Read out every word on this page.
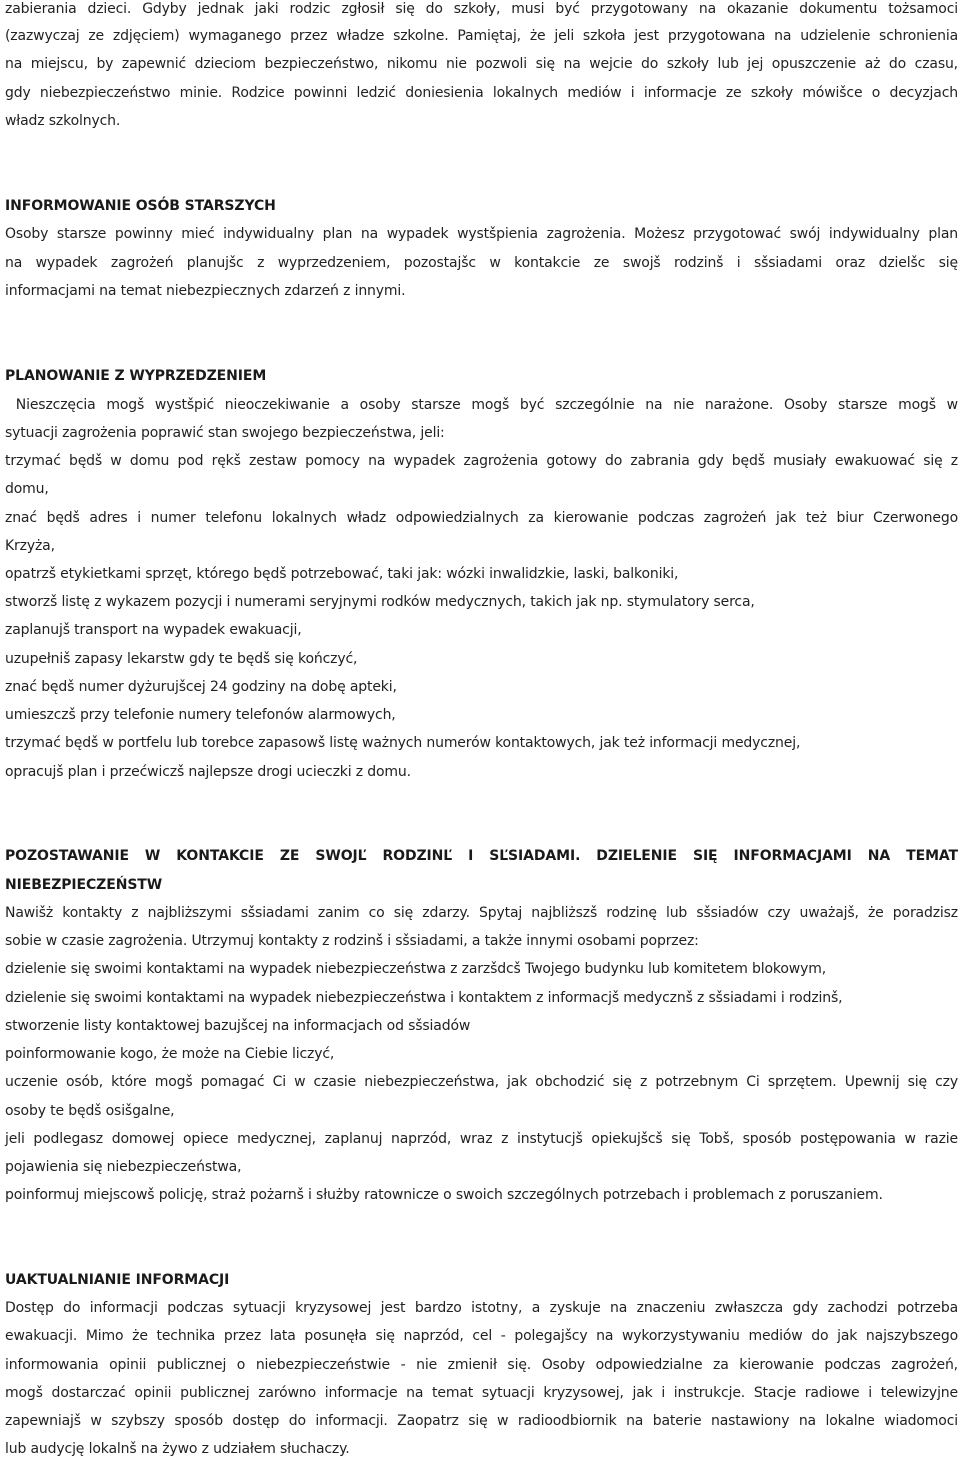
zabierania dzieci. Gdyby jednak jaki rodzic zgłosił się do szkoły, musi być przygotowany na okazanie dokumentu tożsamoci

(zazwyczaj ze zdjęciem) wymaganego przez władze szkolne. Pamiętaj, że jeli szkoła jest przygotowana na udzielenie schronienia

na miejscu, by zapewnić dzieciom bezpieczeństwo, nikomu nie pozwoli się na wejcie do szkoły lub jej opuszczenie aż do czasu,

gdy niebezpieczeństwo minie. Rodzice powinni ledzić doniesienia lokalnych mediów i informacje ze szkoły mówišce o decyzjach

władz szkolnych.

INFORMOWANIE OSÓB STARSZYCH

Osoby starsze powinny mieć indywidualny plan na wypadek wystšpienia zagrożenia. Możesz przygotować swój indywidualny plan

na wypadek zagrożeń planujšc z wyprzedzeniem, pozostajšc w kontakcie ze swojš rodzinš i sšsiadami oraz dzielšc się

informacjami na temat niebezpiecznych zdarzeń z innymi.

PLANOWANIE Z WYPRZEDZENIEM

Nieszczęcia mogš wystšpić nieoczekiwanie a osoby starsze mogš być szczególnie na nie narażone. Osoby starsze mogš w

sytuacji zagrożenia poprawić stan swojego bezpieczeństwa, jeli:

trzymać będš w domu pod rękš zestaw pomocy na wypadek zagrożenia gotowy do zabrania gdy będš musiały ewakuować się z

domu,

znać będš adres i numer telefonu lokalnych władz odpowiedzialnych za kierowanie podczas zagrożeń jak też biur Czerwonego

Krzyża,

opatrzš etykietkami sprzęt, którego będš potrzebować, taki jak: wózki inwalidzkie, laski, balkoniki,

stworzš listę z wykazem pozycji i numerami seryjnymi rodków medycznych, takich jak np. stymulatory serca,

zaplanujš transport na wypadek ewakuacji,

uzupełniš zapasy lekarstw gdy te będš się kończyć,

znać będš numer dyżurujšcej 24 godziny na dobę apteki,

umieszczš przy telefonie numery telefonów alarmowych,

trzymać będš w portfelu lub torebce zapasowš listę ważnych numerów kontaktowych, jak też informacji medycznej,

opracujš plan i przećwiczš najlepsze drogi ucieczki z domu.

POZOSTAWANIE W KONTAKCIE ZE SWOJĽ RODZINĽ I SĽSIADAMI. DZIELENIE SIĘ INFORMACJAMI NA TEMAT

NIEBEZPIECZEŃSTW

Nawišż kontakty z najbliższymi sšsiadami zanim co się zdarzy. Spytaj najbliższš rodzinę lub sšsiadów czy uważajš, że poradzisz

sobie w czasie zagrożenia. Utrzymuj kontakty z rodzinš i sšsiadami, a także innymi osobami poprzez:

dzielenie się swoimi kontaktami na wypadek niebezpieczeństwa z zarzšdcš Twojego budynku lub komitetem blokowym,

dzielenie się swoimi kontaktami na wypadek niebezpieczeństwa i kontaktem z informacjš medycznš z sšsiadami i rodzinš,

stworzenie listy kontaktowej bazujšcej na informacjach od sšsiadów

poinformowanie kogo, że może na Ciebie liczyć,

uczenie osób, które mogš pomagać Ci w czasie niebezpieczeństwa, jak obchodzić się z potrzebnym Ci sprzętem. Upewnij się czy

osoby te będš osišgalne,

jeli podlegasz domowej opiece medycznej, zaplanuj naprzód, wraz z instytucjš opiekujšcš się Tobš, sposób postępowania w razie

pojawienia się niebezpieczeństwa,

poinformuj miejscowš policję, straż pożarnš i służby ratownicze o swoich szczególnych potrzebach i problemach z poruszaniem.

UAKTUALNIANIE INFORMACJI

Dostęp do informacji podczas sytuacji kryzysowej jest bardzo istotny, a zyskuje na znaczeniu zwłaszcza gdy zachodzi potrzeba

ewakuacji. Mimo że technika przez lata posunęła się naprzód, cel - polegajšcy na wykorzystywaniu mediów do jak najszybszego

informowania opinii publicznej o niebezpieczeństwie - nie zmienił się. Osoby odpowiedzialne za kierowanie podczas zagrożeń,

mogš dostarczać opinii publicznej zarówno informacje na temat sytuacji kryzysowej, jak i instrukcje. Stacje radiowe i telewizyjne

zapewniajš w szybszy sposób dostęp do informacji. Zaopatrz się w radioodbiornik na baterie nastawiony na lokalne wiadomoci

lub audycję lokalnš na żywo z udziałem słuchaczy.
